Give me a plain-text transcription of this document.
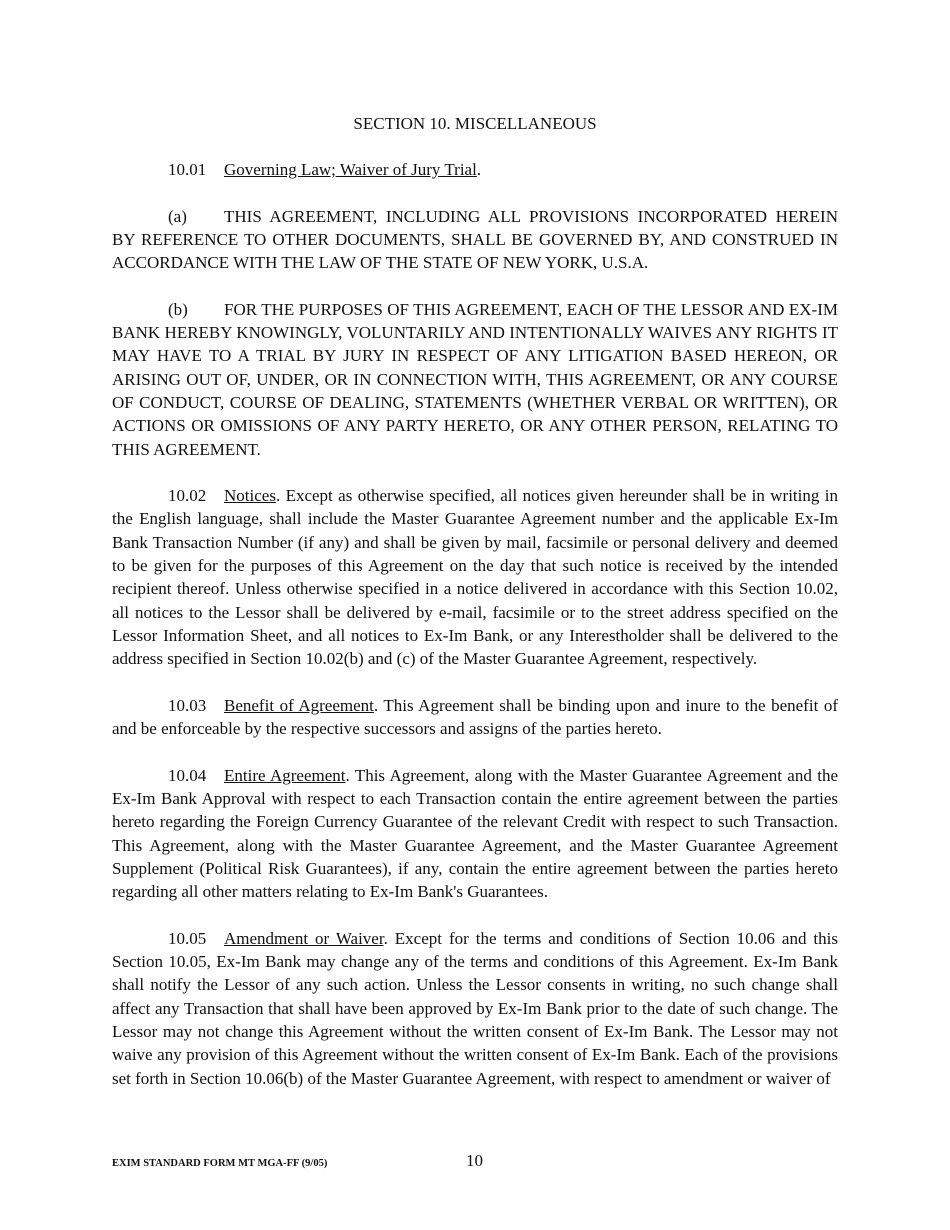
SECTION 10. MISCELLANEOUS
10.01 Governing Law; Waiver of Jury Trial.
(a) THIS AGREEMENT, INCLUDING ALL PROVISIONS INCORPORATED HEREIN BY REFERENCE TO OTHER DOCUMENTS, SHALL BE GOVERNED BY, AND CONSTRUED IN ACCORDANCE WITH THE LAW OF THE STATE OF NEW YORK, U.S.A.
(b) FOR THE PURPOSES OF THIS AGREEMENT, EACH OF THE LESSOR AND EX-IM BANK HEREBY KNOWINGLY, VOLUNTARILY AND INTENTIONALLY WAIVES ANY RIGHTS IT MAY HAVE TO A TRIAL BY JURY IN RESPECT OF ANY LITIGATION BASED HEREON, OR ARISING OUT OF, UNDER, OR IN CONNECTION WITH, THIS AGREEMENT, OR ANY COURSE OF CONDUCT, COURSE OF DEALING, STATEMENTS (WHETHER VERBAL OR WRITTEN), OR ACTIONS OR OMISSIONS OF ANY PARTY HERETO, OR ANY OTHER PERSON, RELATING TO THIS AGREEMENT.
10.02 Notices. Except as otherwise specified, all notices given hereunder shall be in writing in the English language, shall include the Master Guarantee Agreement number and the applicable Ex-Im Bank Transaction Number (if any) and shall be given by mail, facsimile or personal delivery and deemed to be given for the purposes of this Agreement on the day that such notice is received by the intended recipient thereof. Unless otherwise specified in a notice delivered in accordance with this Section 10.02, all notices to the Lessor shall be delivered by e-mail, facsimile or to the street address specified on the Lessor Information Sheet, and all notices to Ex-Im Bank, or any Interestholder shall be delivered to the address specified in Section 10.02(b) and (c) of the Master Guarantee Agreement, respectively.
10.03 Benefit of Agreement. This Agreement shall be binding upon and inure to the benefit of and be enforceable by the respective successors and assigns of the parties hereto.
10.04 Entire Agreement. This Agreement, along with the Master Guarantee Agreement and the Ex-Im Bank Approval with respect to each Transaction contain the entire agreement between the parties hereto regarding the Foreign Currency Guarantee of the relevant Credit with respect to such Transaction. This Agreement, along with the Master Guarantee Agreement, and the Master Guarantee Agreement Supplement (Political Risk Guarantees), if any, contain the entire agreement between the parties hereto regarding all other matters relating to Ex-Im Bank's Guarantees.
10.05 Amendment or Waiver. Except for the terms and conditions of Section 10.06 and this Section 10.05, Ex-Im Bank may change any of the terms and conditions of this Agreement. Ex-Im Bank shall notify the Lessor of any such action. Unless the Lessor consents in writing, no such change shall affect any Transaction that shall have been approved by Ex-Im Bank prior to the date of such change. The Lessor may not change this Agreement without the written consent of Ex-Im Bank. The Lessor may not waive any provision of this Agreement without the written consent of Ex-Im Bank. Each of the provisions set forth in Section 10.06(b) of the Master Guarantee Agreement, with respect to amendment or waiver of
EXIM STANDARD FORM MT MGA-FF (9/05)	10
